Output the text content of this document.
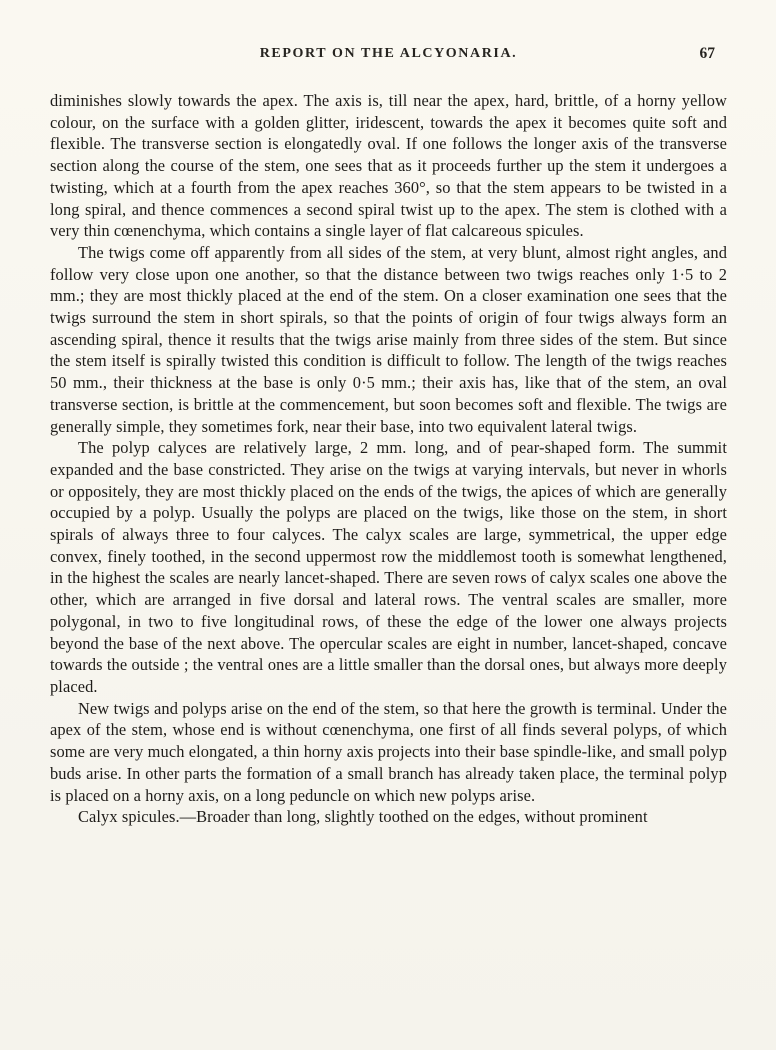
REPORT ON THE ALCYONARIA.	67

diminishes slowly towards the apex. The axis is, till near the apex, hard, brittle, of a horny yellow colour, on the surface with a golden glitter, iridescent, towards the apex it becomes quite soft and flexible. The transverse section is elongatedly oval. If one follows the longer axis of the transverse section along the course of the stem, one sees that as it proceeds further up the stem it undergoes a twisting, which at a fourth from the apex reaches 360°, so that the stem appears to be twisted in a long spiral, and thence commences a second spiral twist up to the apex. The stem is clothed with a very thin cœnenchyma, which contains a single layer of flat calcareous spicules.

The twigs come off apparently from all sides of the stem, at very blunt, almost right angles, and follow very close upon one another, so that the distance between two twigs reaches only 1·5 to 2 mm.; they are most thickly placed at the end of the stem. On a closer examination one sees that the twigs surround the stem in short spirals, so that the points of origin of four twigs always form an ascending spiral, thence it results that the twigs arise mainly from three sides of the stem. But since the stem itself is spirally twisted this condition is difficult to follow. The length of the twigs reaches 50 mm., their thickness at the base is only 0·5 mm.; their axis has, like that of the stem, an oval transverse section, is brittle at the commencement, but soon becomes soft and flexible. The twigs are generally simple, they sometimes fork, near their base, into two equivalent lateral twigs.

The polyp calyces are relatively large, 2 mm. long, and of pear-shaped form. The summit expanded and the base constricted. They arise on the twigs at varying intervals, but never in whorls or oppositely, they are most thickly placed on the ends of the twigs, the apices of which are generally occupied by a polyp. Usually the polyps are placed on the twigs, like those on the stem, in short spirals of always three to four calyces. The calyx scales are large, symmetrical, the upper edge convex, finely toothed, in the second uppermost row the middlemost tooth is somewhat lengthened, in the highest the scales are nearly lancet-shaped. There are seven rows of calyx scales one above the other, which are arranged in five dorsal and lateral rows. The ventral scales are smaller, more polygonal, in two to five longitudinal rows, of these the edge of the lower one always projects beyond the base of the next above. The opercular scales are eight in number, lancet-shaped, concave towards the outside ; the ventral ones are a little smaller than the dorsal ones, but always more deeply placed.

New twigs and polyps arise on the end of the stem, so that here the growth is terminal. Under the apex of the stem, whose end is without cœnenchyma, one first of all finds several polyps, of which some are very much elongated, a thin horny axis projects into their base spindle-like, and small polyp buds arise. In other parts the formation of a small branch has already taken place, the terminal polyp is placed on a horny axis, on a long peduncle on which new polyps arise.

Calyx spicules.—Broader than long, slightly toothed on the edges, without prominent
